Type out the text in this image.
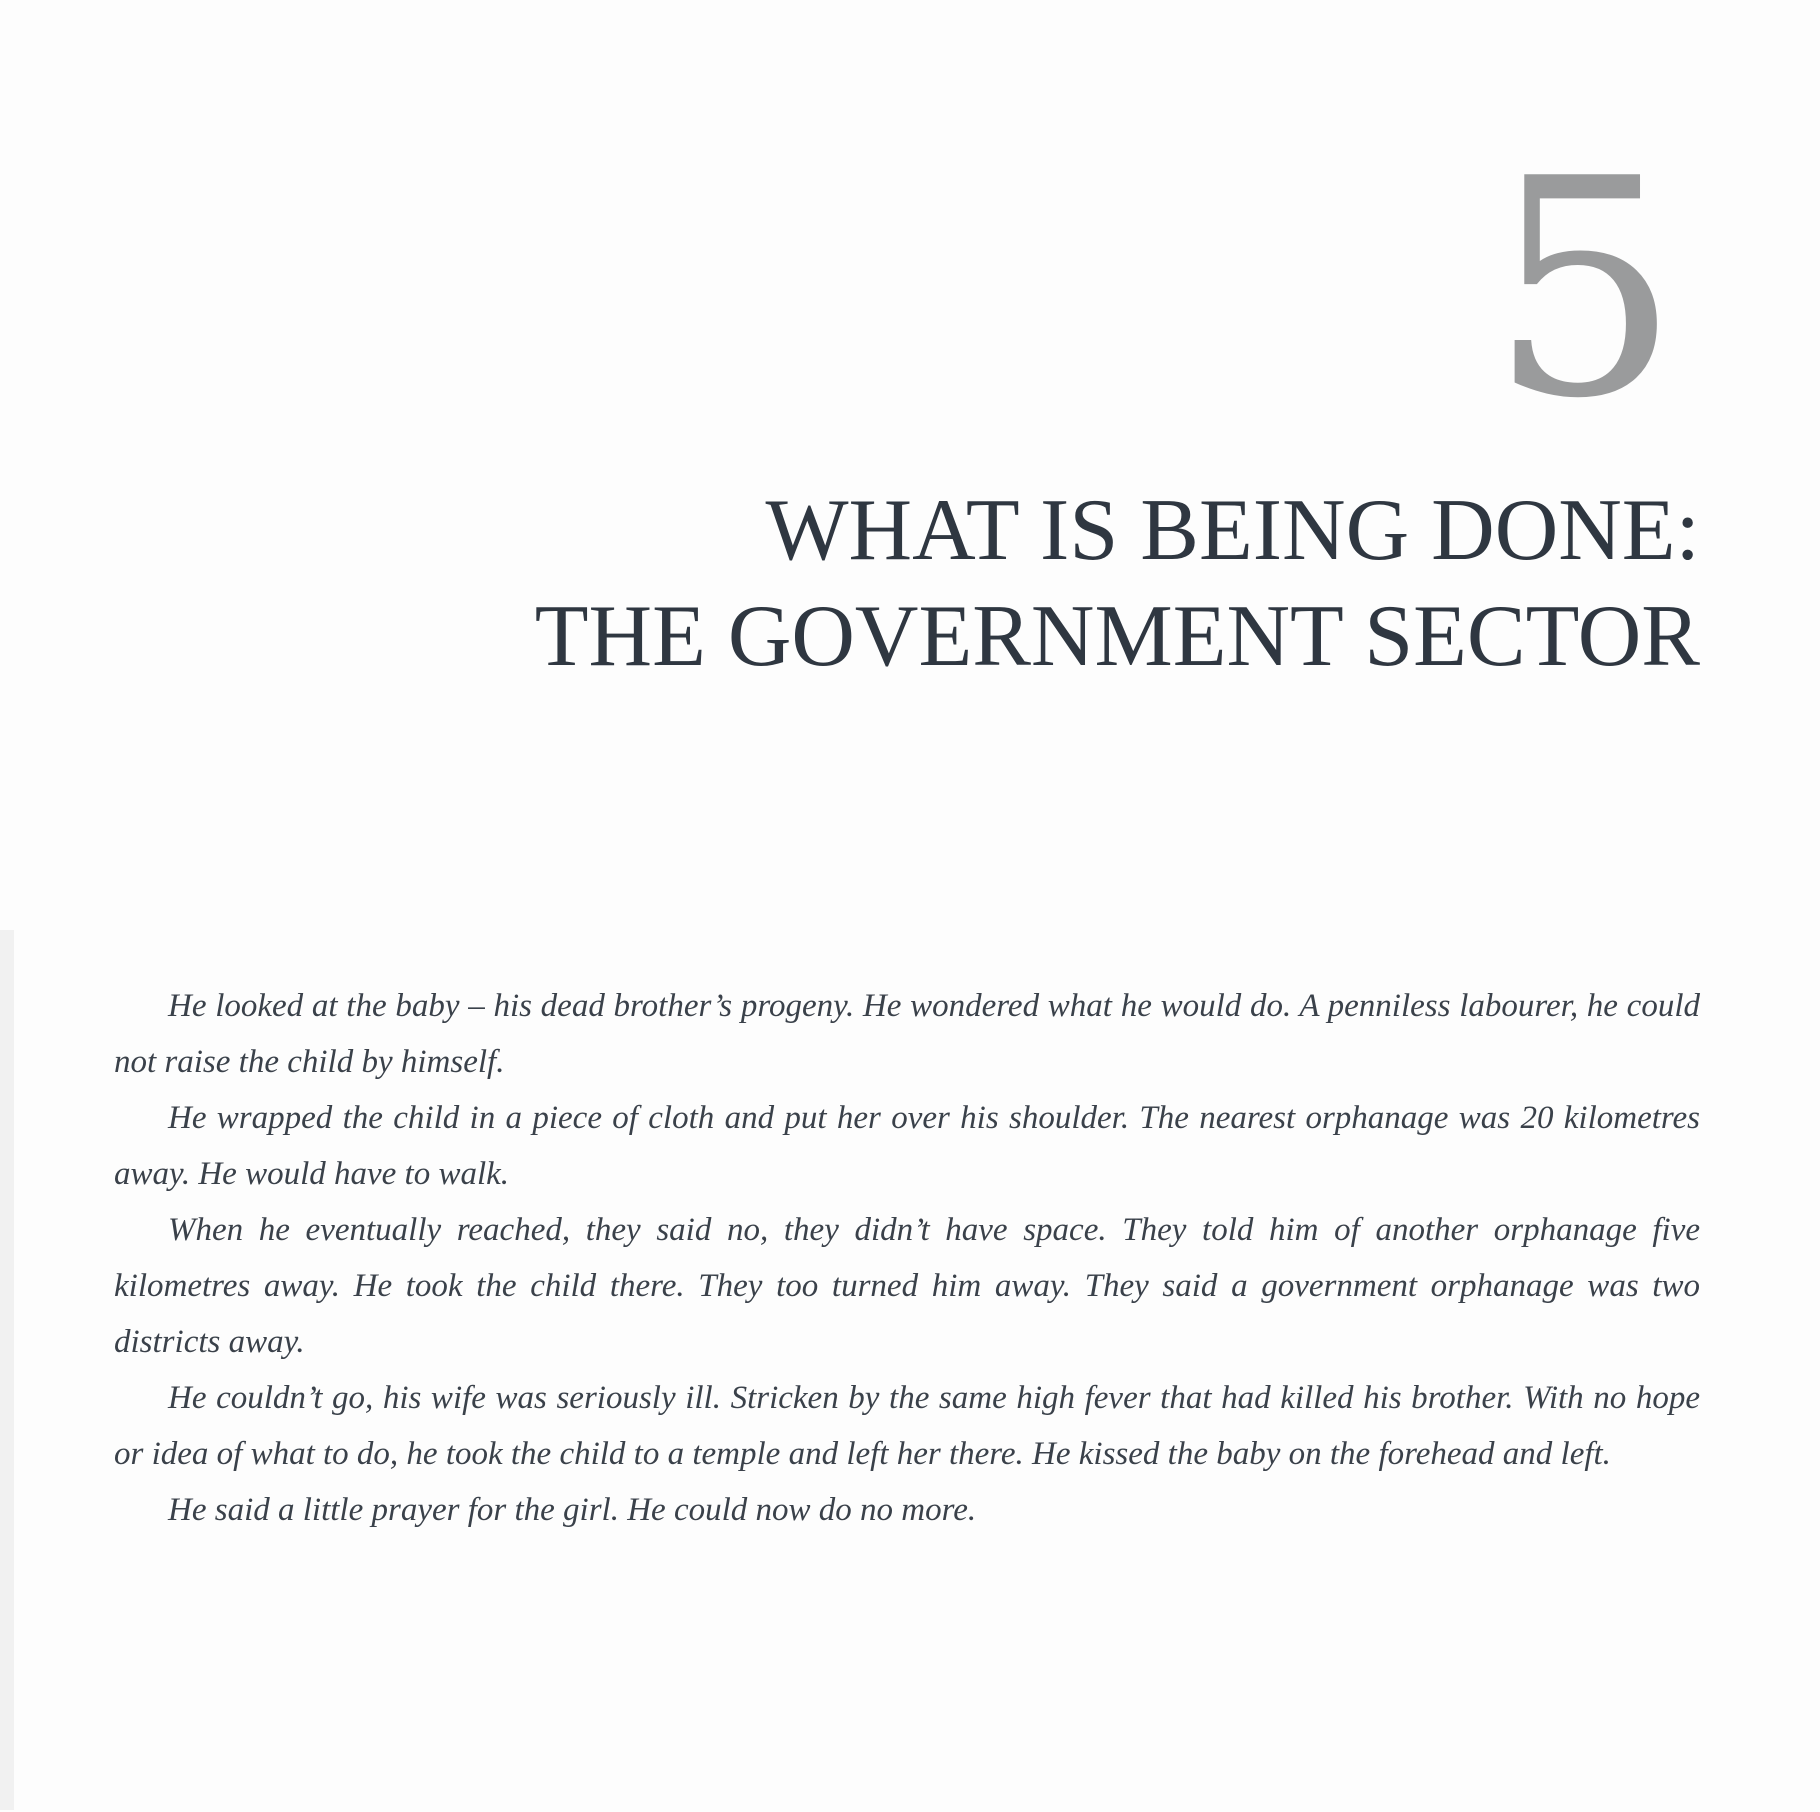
5
WHAT IS BEING DONE:
THE GOVERNMENT SECTOR

He looked at the baby – his dead brother’s progeny. He wondered what he would do. A penniless labourer, he could not raise the child by himself.

He wrapped the child in a piece of cloth and put her over his shoulder. The nearest orphanage was 20 kilometres away. He would have to walk.

When he eventually reached, they said no, they didn’t have space. They told him of another orphanage five kilometres away. He took the child there. They too turned him away. They said a government orphanage was two districts away.

He couldn’t go, his wife was seriously ill. Stricken by the same high fever that had killed his brother. With no hope or idea of what to do, he took the child to a temple and left her there. He kissed the baby on the forehead and left.

He said a little prayer for the girl. He could now do no more.
